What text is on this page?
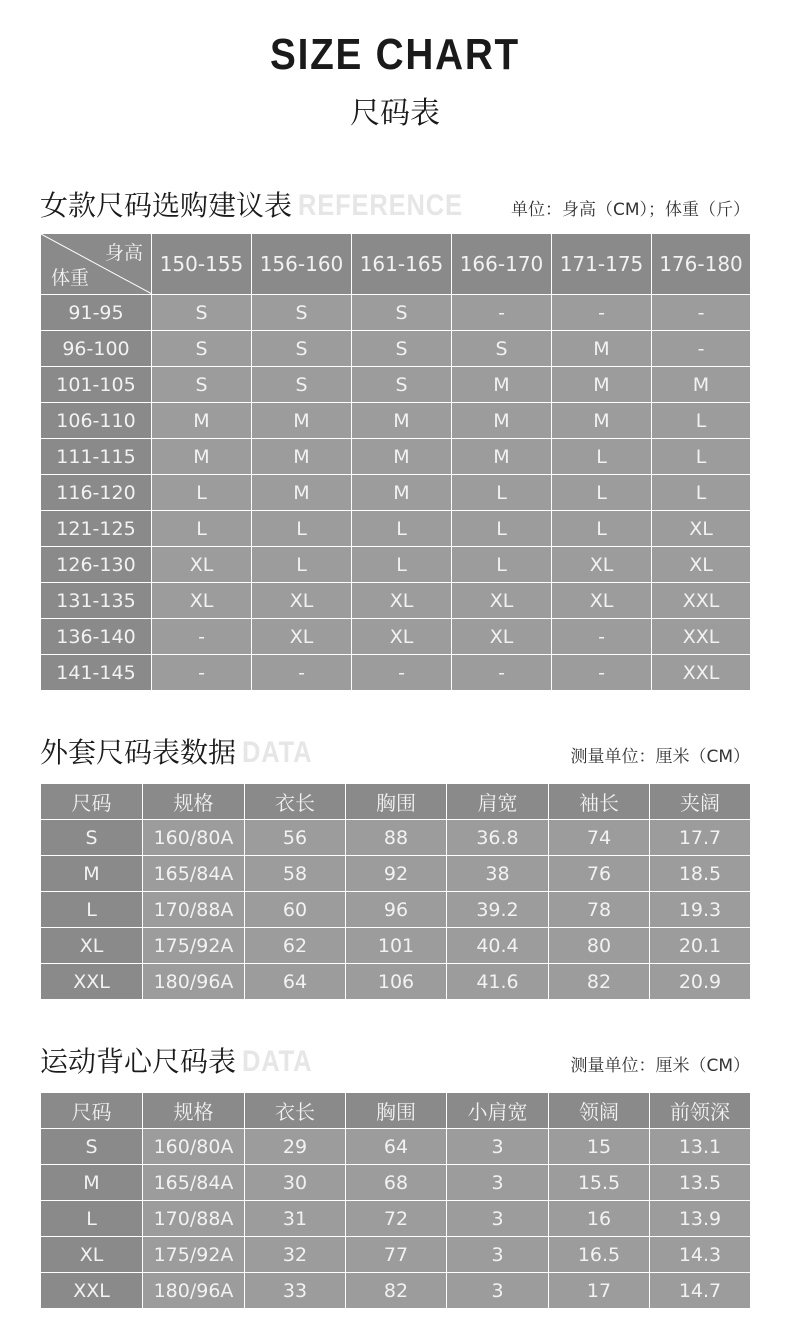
SIZE CHART
尺码表
女款尺码选购建议表 REFERENCE	单位：身高（CM）；体重（斤）
身高
体重	150-155	156-160	161-165	166-170	171-175	176-180
91-95	S	S	S	-	-	-
96-100	S	S	S	S	M	-
101-105	S	S	S	M	M	M
106-110	M	M	M	M	M	L
111-115	M	M	M	M	L	L
116-120	L	M	M	L	L	L
121-125	L	L	L	L	L	XL
126-130	XL	L	L	L	XL	XL
131-135	XL	XL	XL	XL	XL	XXL
136-140	-	XL	XL	XL	-	XXL
141-145	-	-	-	-	-	XXL
外套尺码表数据 DATA	测量单位：厘米（CM）
尺码	规格	衣长	胸围	肩宽	袖长	夹阔
S	160/80A	56	88	36.8	74	17.7
M	165/84A	58	92	38	76	18.5
L	170/88A	60	96	39.2	78	19.3
XL	175/92A	62	101	40.4	80	20.1
XXL	180/96A	64	106	41.6	82	20.9
运动背心尺码表 DATA	测量单位：厘米（CM）
尺码	规格	衣长	胸围	小肩宽	领阔	前领深
S	160/80A	29	64	3	15	13.1
M	165/84A	30	68	3	15.5	13.5
L	170/88A	31	72	3	16	13.9
XL	175/92A	32	77	3	16.5	14.3
XXL	180/96A	33	82	3	17	14.7
